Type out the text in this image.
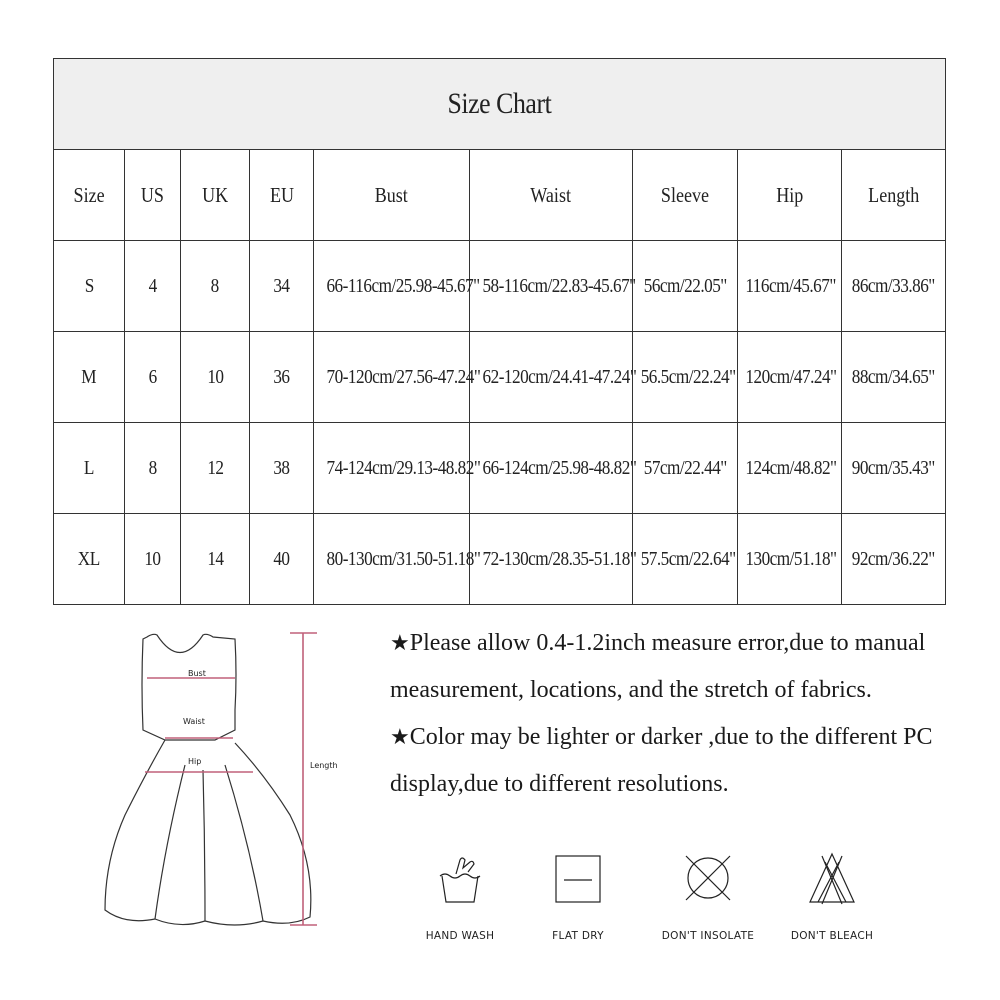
Size Chart								
Size	US	UK	EU	Bust	Waist	Sleeve	Hip	Length
S	4	8	34	66-116cm/25.98-45.67"	58-116cm/22.83-45.67"	56cm/22.05"	116cm/45.67"	86cm/33.86"
M	6	10	36	70-120cm/27.56-47.24"	62-120cm/24.41-47.24"	56.5cm/22.24"	120cm/47.24"	88cm/34.65"
L	8	12	38	74-124cm/29.13-48.82"	66-124cm/25.98-48.82"	57cm/22.44"	124cm/48.82"	90cm/35.43"
XL	10	14	40	80-130cm/31.50-51.18"	72-130cm/28.35-51.18"	57.5cm/22.64"	130cm/51.18"	92cm/36.22"
Bust
Waist
Hip	Length

★Please allow 0.4-1.2inch measure error,due to manual measurement, locations, and the stretch of fabrics.

★Color may be lighter or darker ,due to the different PC display,due to different resolutions.

HAND WASH	FLAT DRY	DON'T INSOLATE	DON'T BLEACH
